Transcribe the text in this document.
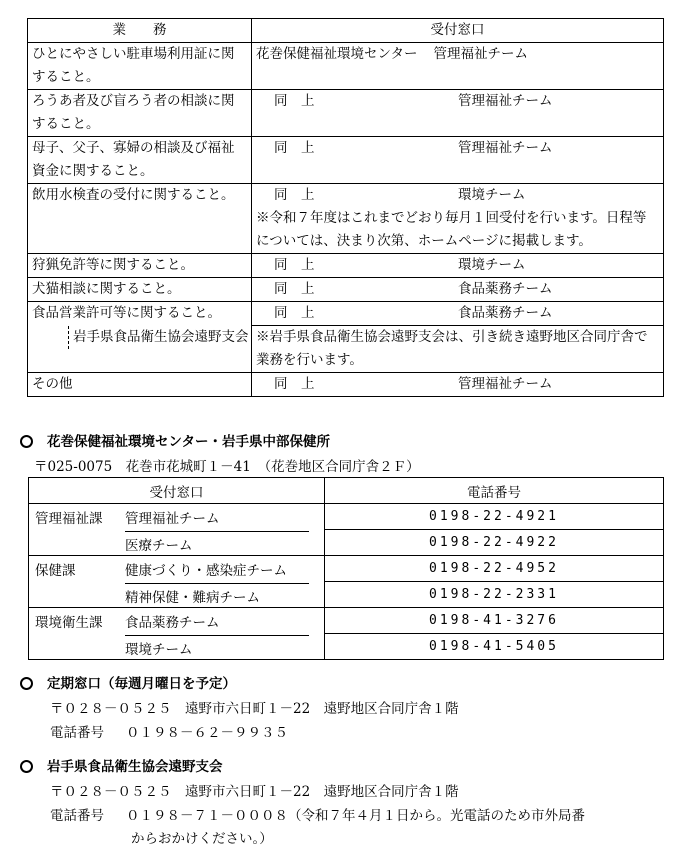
業　　務	受付窓口
ひとにやさしい駐車場利用証に関すること。	花巻保健福祉環境センター 管理福祉チーム
ろうあ者及び盲ろう者の相談に関すること。	同　上 管理福祉チーム
母子、父子、寡婦の相談及び福祉資金に関すること。	同　上 管理福祉チーム
飲用水検査の受付に関すること。	同　上 環境チーム
※令和７年度はこれまでどおり毎月１回受付を行います。日程等については、決まり次第、ホームページに掲載します。
狩猟免許等に関すること。	同　上 環境チーム
犬猫相談に関すること。	同　上 食品薬務チーム
食品営業許可等に関すること。	同　上 食品薬務チーム

岩手県食品衛生協会遠野支会	※岩手県食品衛生協会遠野支会は、引き続き遠野地区合同庁舎で業務を行います。
その他	同　上 管理福祉チーム
花巻保健福祉環境センター・岩手県中部保健所
〒025-0075　花巻市花城町１－41　（花巻地区合同庁舎２Ｆ）
受付窓口	電話番号
管理福祉課 管理福祉チーム	0198-22-4921
医療チーム	0198-22-4922
保健課 健康づくり・感染症チーム	0198-22-4952
精神保健・難病チーム	0198-22-2331
環境衛生課 食品薬務チーム	0198-41-3276
環境チーム	0198-41-5405
定期窓口（毎週月曜日を予定）
〒０２８－０５２５　遠野市六日町１－22　遠野地区合同庁舎１階
電話番号 ０１９８－６２－９９３５
岩手県食品衛生協会遠野支会
〒０２８－０５２５　遠野市六日町１－22　遠野地区合同庁舎１階
電話番号 ０１９８－７１－０００８（令和７年４月１日から。光電話のため市外局番
からおかけください。）
